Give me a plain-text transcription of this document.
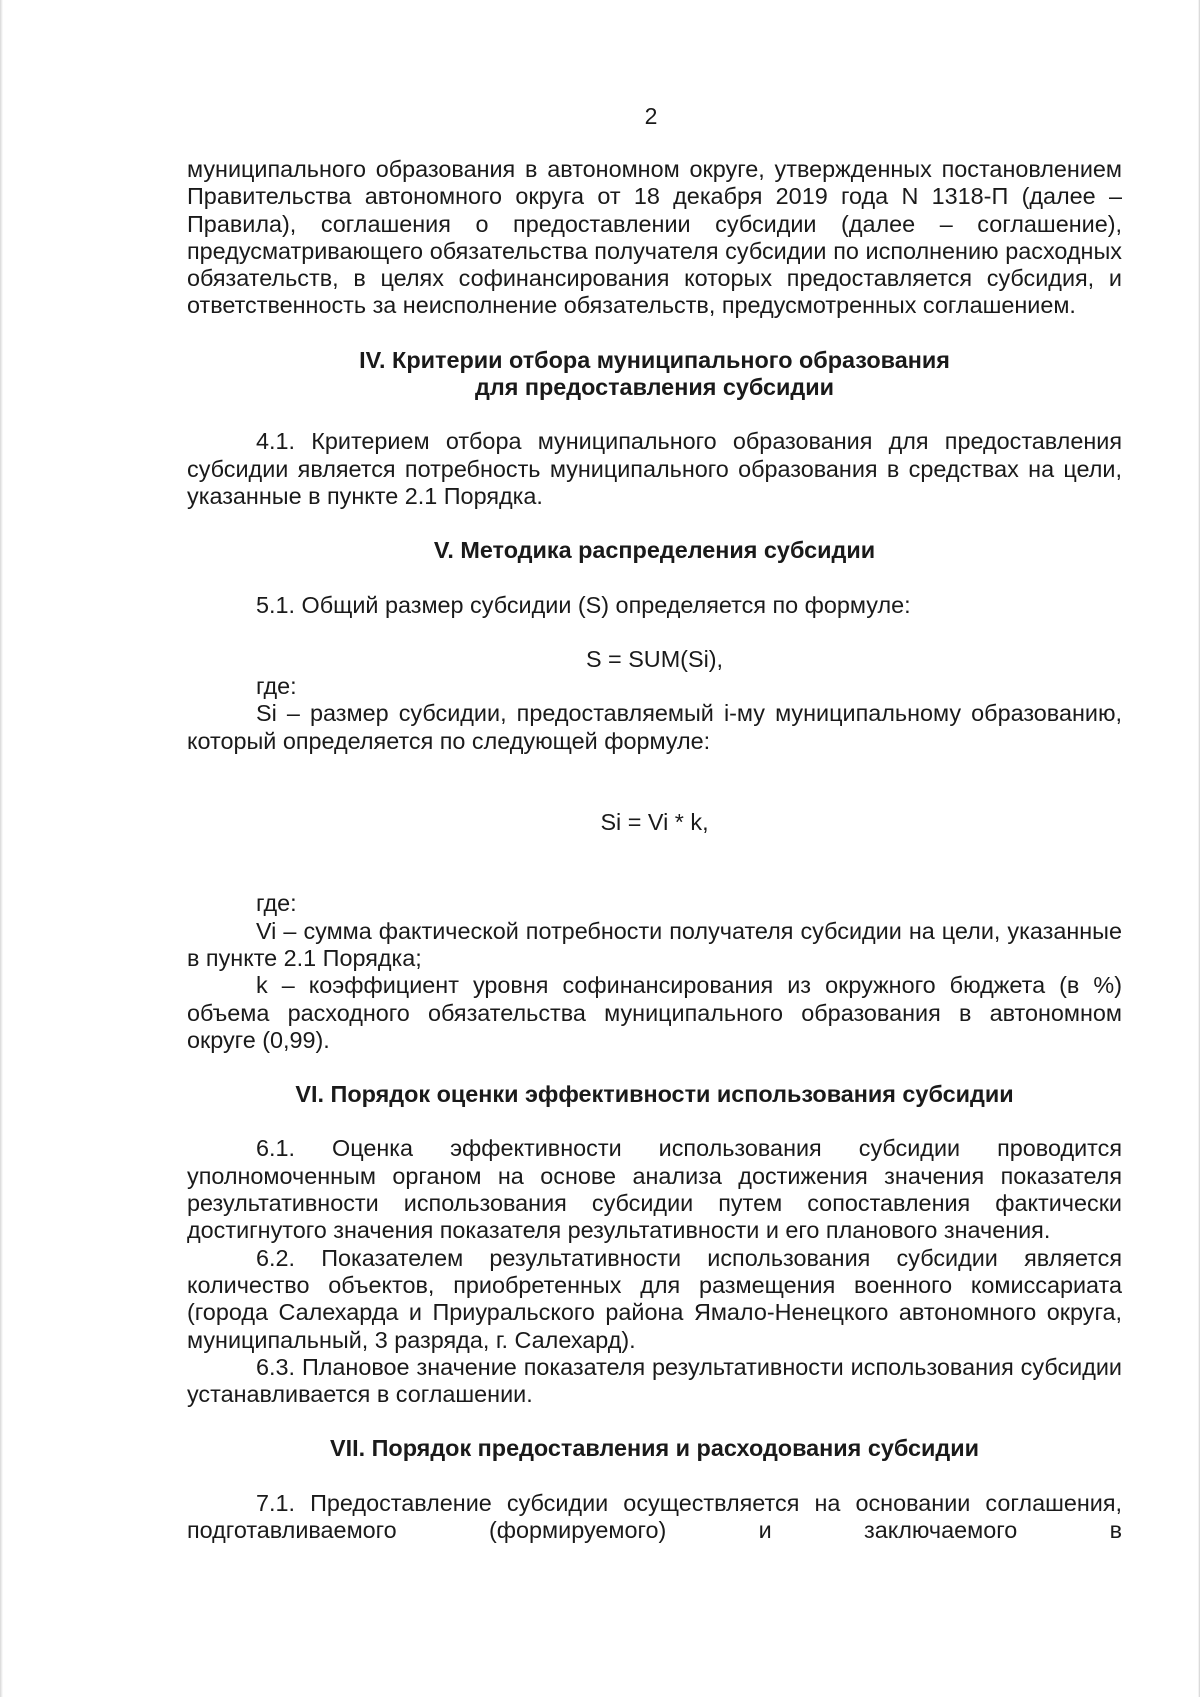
2

муниципального образования в автономном округе, утвержденных постановлением Правительства автономного округа от 18 декабря 2019 года N 1318-П (далее – Правила), соглашения о предоставлении субсидии (далее – соглашение), предусматривающего обязательства получателя субсидии по исполнению расходных обязательств, в целях софинансирования которых предоставляется субсидия, и ответственность за неисполнение обязательств, предусмотренных соглашением.

IV. Критерии отбора муниципального образования

для предоставления субсидии

4.1. Критерием отбора муниципального образования для предоставления субсидии является потребность муниципального образования в средствах на цели, указанные в пункте 2.1 Порядка.

V. Методика распределения субсидии

5.1. Общий размер субсидии (S) определяется по формуле:

S = SUM(Si),

где:

Si – размер субсидии, предоставляемый i-му муниципальному образованию, который определяется по следующей формуле:

Si = Vi * k,

где:

Vi – сумма фактической потребности получателя субсидии на цели, указанные в пункте 2.1 Порядка;

k – коэффициент уровня софинансирования из окружного бюджета (в %) объема расходного обязательства муниципального образования в автономном округе (0,99).

VI. Порядок оценки эффективности использования субсидии

6.1. Оценка эффективности использования субсидии проводится уполномоченным органом на основе анализа достижения значения показателя результативности использования субсидии путем сопоставления фактически достигнутого значения показателя результативности и его планового значения.

6.2. Показателем результативности использования субсидии является количество объектов, приобретенных для размещения военного комиссариата (города Салехарда и Приуральского района Ямало-Ненецкого автономного округа, муниципальный, 3 разряда, г. Салехард).

6.3. Плановое значение показателя результативности использования субсидии устанавливается в соглашении.

VII. Порядок предоставления и расходования субсидии

7.1. Предоставление субсидии осуществляется на основании соглашения, подготавливаемого (формируемого) и заключаемого в
